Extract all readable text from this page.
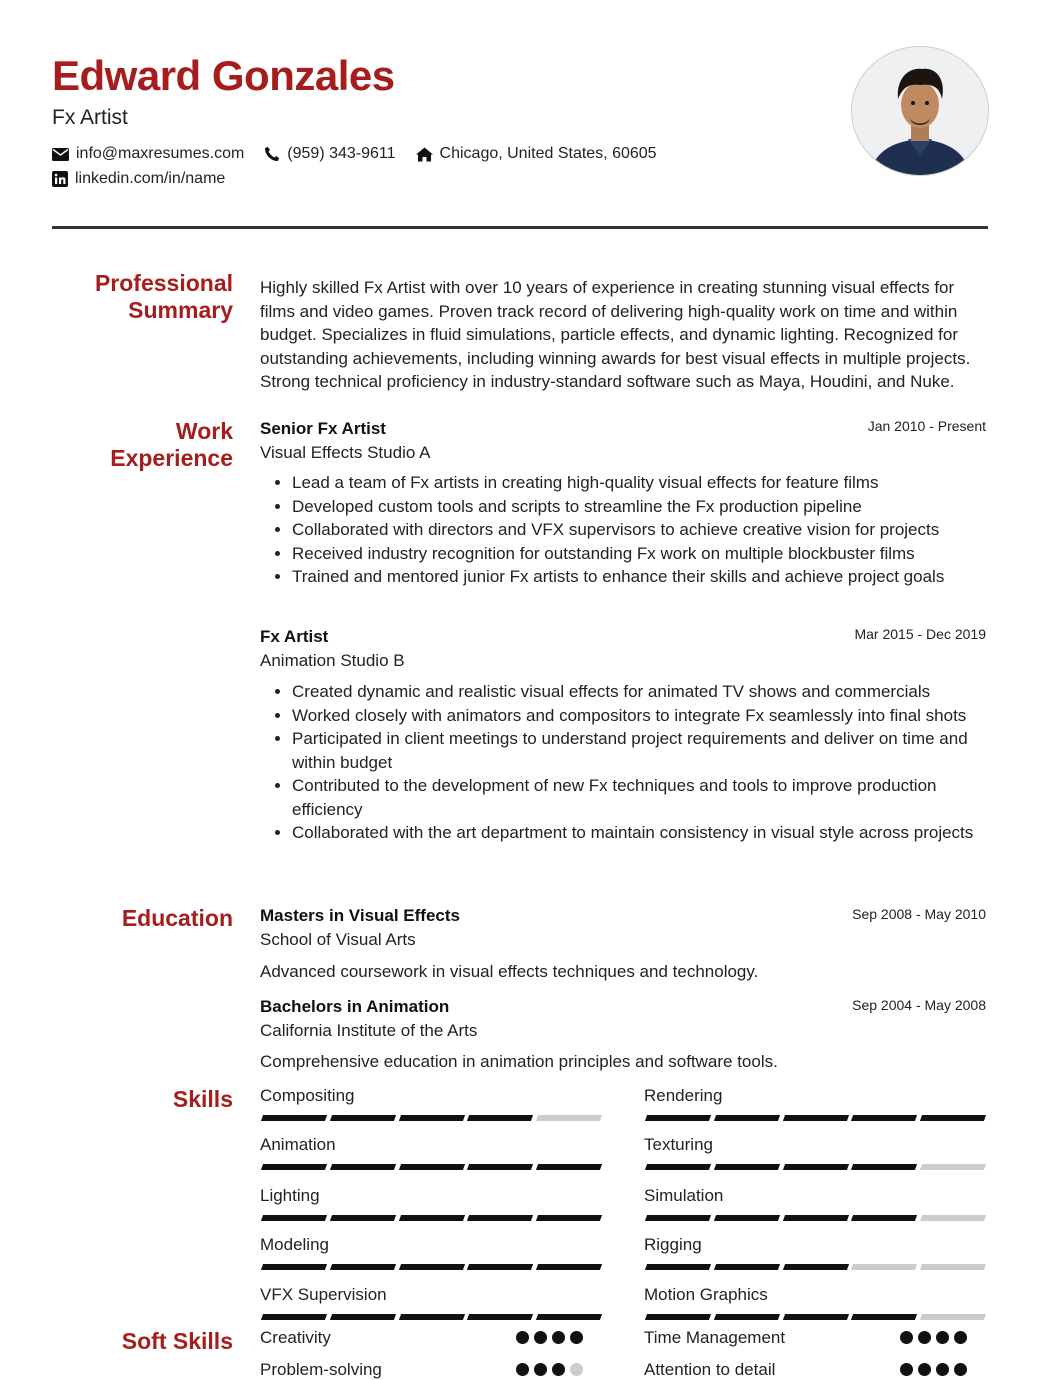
Edward Gonzales
Fx Artist
info@maxresumes.com	(959) 343-9611	Chicago, United States, 60605
linkedin.com/in/name
Professional
Summary
Highly skilled Fx Artist with over 10 years of experience in creating stunning visual effects for films and video games. Proven track record of delivering high-quality work on time and within budget. Specializes in fluid simulations, particle effects, and dynamic lighting. Recognized for outstanding achievements, including winning awards for best visual effects in multiple projects. Strong technical proficiency in industry-standard software such as Maya, Houdini, and Nuke.
Work
Experience
Senior Fx Artist	Jan 2010 - Present
Visual Effects Studio A
• Lead a team of Fx artists in creating high-quality visual effects for feature films
• Developed custom tools and scripts to streamline the Fx production pipeline
• Collaborated with directors and VFX supervisors to achieve creative vision for projects
• Received industry recognition for outstanding Fx work on multiple blockbuster films
• Trained and mentored junior Fx artists to enhance their skills and achieve project goals
Fx Artist	Mar 2015 - Dec 2019
Animation Studio B
• Created dynamic and realistic visual effects for animated TV shows and commercials
• Worked closely with animators and compositors to integrate Fx seamlessly into final shots
• Participated in client meetings to understand project requirements and deliver on time and within budget
• Contributed to the development of new Fx techniques and tools to improve production efficiency
• Collaborated with the art department to maintain consistency in visual style across projects
Education Masters in Visual Effects	Sep 2008 - May 2010
School of Visual Arts
Advanced coursework in visual effects techniques and technology.
Bachelors in Animation	Sep 2004 - May 2008
California Institute of the Arts
Comprehensive education in animation principles and software tools.
Skills Compositing	Rendering
Animation	Texturing
Lighting	Simulation
Modeling	Rigging
VFX Supervision	Motion Graphics
Soft Skills Creativity	Time Management
Problem-solving	Attention to detail
